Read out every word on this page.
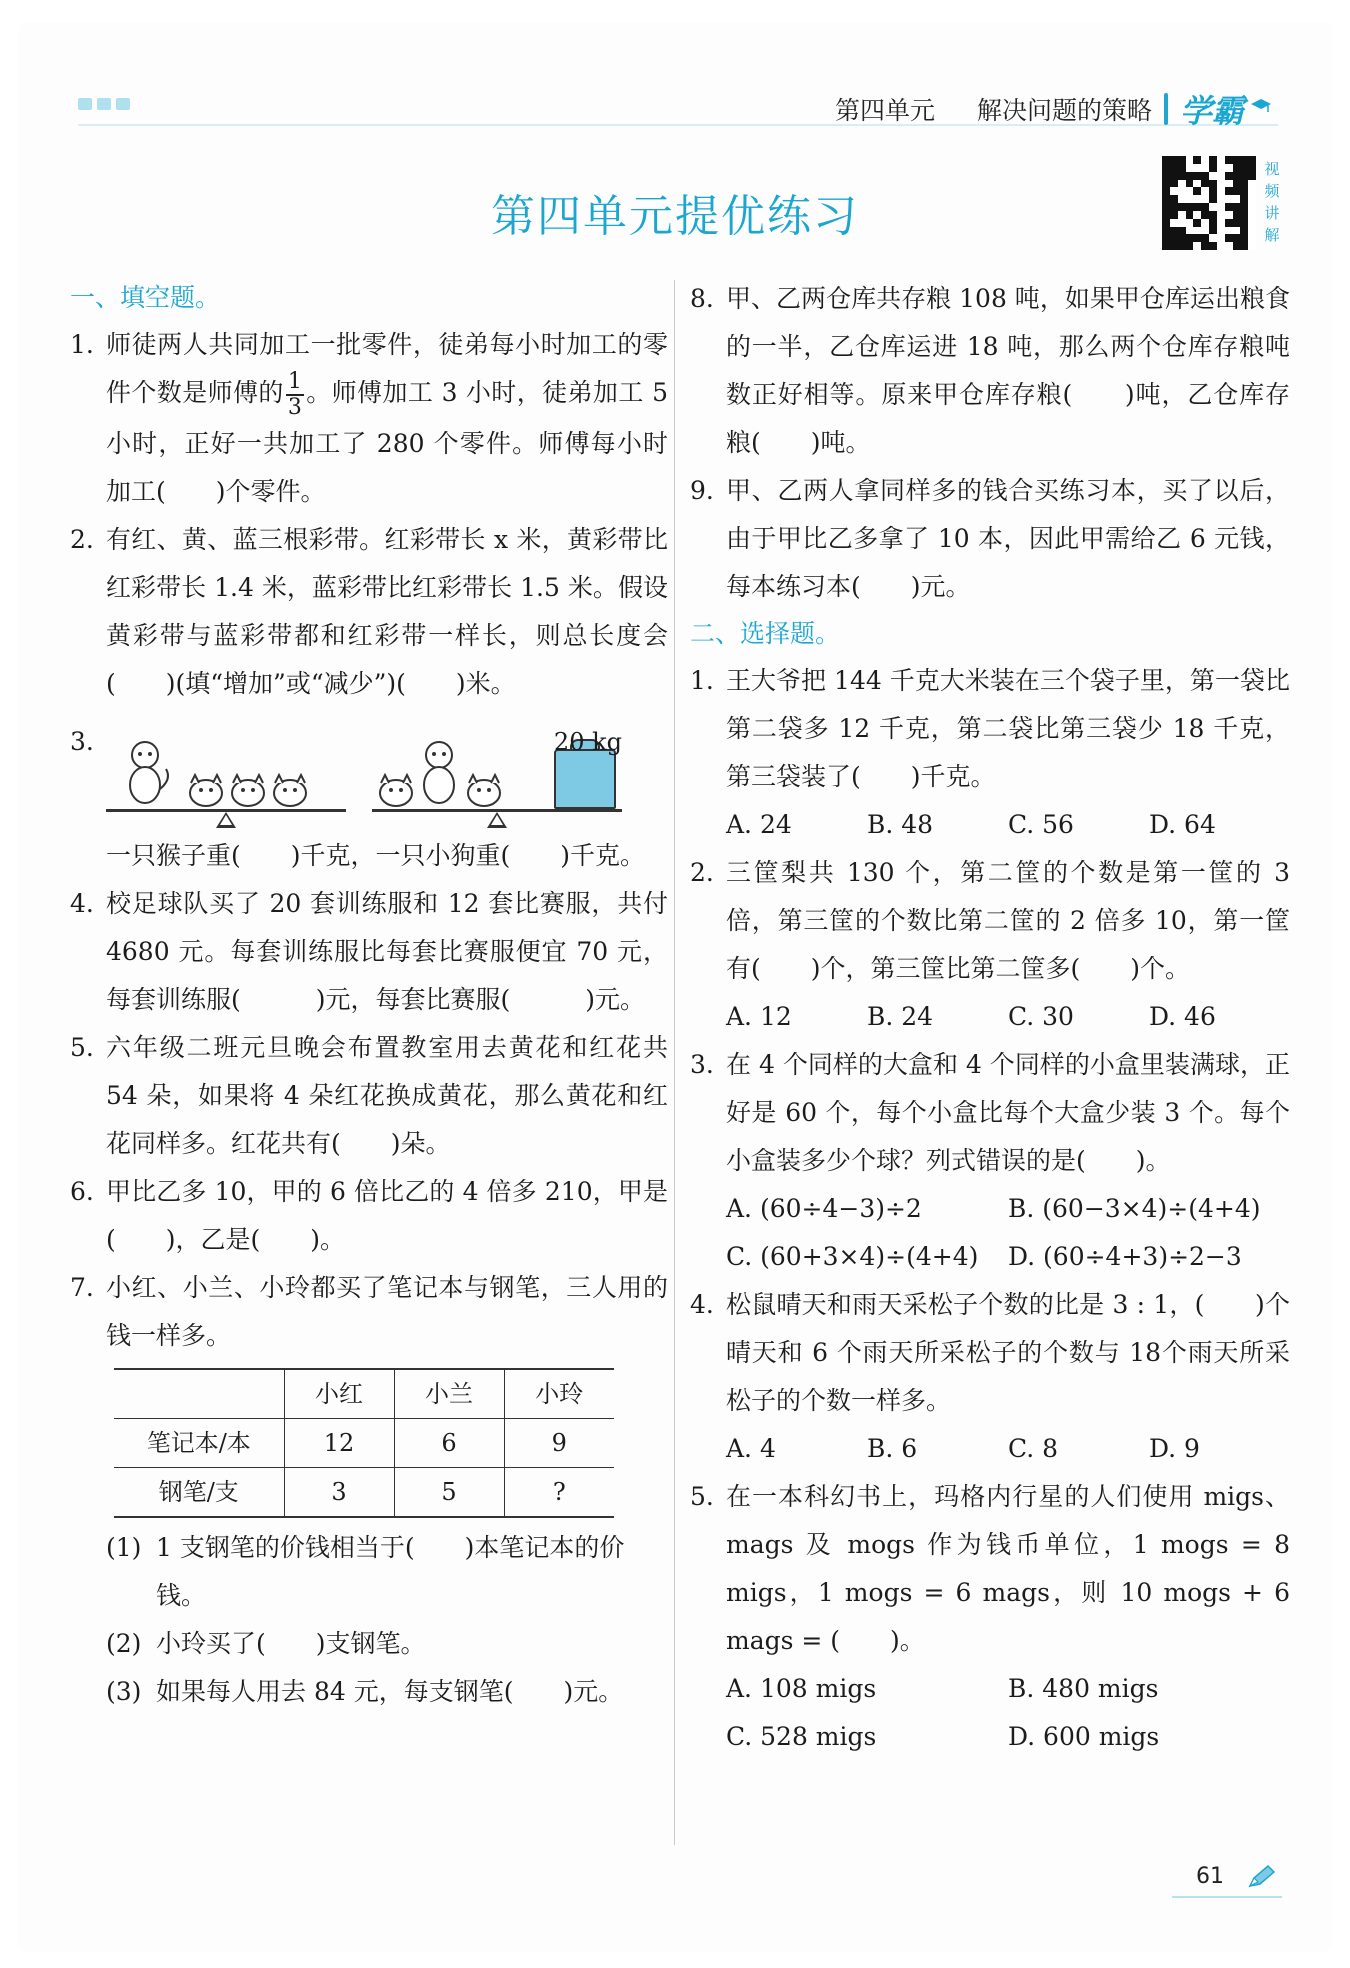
第四单元 解决问题的策略 学霸
第四单元提优练习
视
频
讲
解
一、填空题。
1. 师徒两人共同加工一批零件，徒弟每小时加工的零件个数是师傅的 $\frac{1}{3}$ 。师傅加工 3 小时，徒弟加工 5 小时，正好一共加工了 280 个零件。师傅每小时加工(　　)个零件。
2. 有红、黄、蓝三根彩带。红彩带长 x 米，黄彩带比红彩带长 1.4 米，蓝彩带比红彩带长 1.5 米。假设黄彩带与蓝彩带都和红彩带一样长，则总长度会(　　)(填“增加”或“减少”)(　　)米。
3.	20 kg
一只猴子重(　　)千克，一只小狗重(　　)千克。
4. 校足球队买了 20 套训练服和 12 套比赛服，共付 4680 元。每套训练服比每套比赛服便宜 70 元，每套训练服(　　　)元，每套比赛服(　　　)元。
5. 六年级二班元旦晚会布置教室用去黄花和红花共 54 朵，如果将 4 朵红花换成黄花，那么黄花和红花同样多。红花共有(　　)朵。
6. 甲比乙多 10，甲的 6 倍比乙的 4 倍多 210，甲是(　　)，乙是(　　)。
7. 小红、小兰、小玲都买了笔记本与钢笔，三人用的钱一样多。
	小红	小兰	小玲
笔记本/本	12	6	9
钢笔/支	3	5	?
(1) 1 支钢笔的价钱相当于(　　)本笔记本的价钱。
(2) 小玲买了(　　)支钢笔。
(3) 如果每人用去 84 元，每支钢笔(　　)元。
8. 甲、乙两仓库共存粮 108 吨，如果甲仓库运出粮食的一半，乙仓库运进 18 吨，那么两个仓库存粮吨数正好相等。原来甲仓库存粮(　　)吨，乙仓库存粮(　　)吨。
9. 甲、乙两人拿同样多的钱合买练习本，买了以后，由于甲比乙多拿了 10 本，因此甲需给乙 6 元钱，每本练习本(　　)元。
二、选择题。
1. 王大爷把 144 千克大米装在三个袋子里，第一袋比第二袋多 12 千克，第二袋比第三袋少 18 千克，第三袋装了(　　)千克。
A. 24	B. 48	C. 56	D. 64
2. 三筐梨共 130 个，第二筐的个数是第一筐的 3 倍，第三筐的个数比第二筐的 2 倍多 10，第一筐有(　　)个，第三筐比第二筐多(　　)个。
A. 12	B. 24	C. 30	D. 46
3. 在 4 个同样的大盒和 4 个同样的小盒里装满球，正好是 60 个，每个小盒比每个大盒少装 3 个。每个小盒装多少个球？列式错误的是(　　)。
A. (60÷4−3)÷2	B. (60−3×4)÷(4+4)
C. (60+3×4)÷(4+4)	D. (60÷4+3)÷2−3
4. 松鼠晴天和雨天采松子个数的比是 3 : 1，(　　)个晴天和 6 个雨天所采松子的个数与 18个雨天所采松子的个数一样多。
A. 4	B. 6	C. 8	D. 9
5. 在一本科幻书上，玛格内行星的人们使用 migs、mags 及 mogs 作为钱币单位，1 mogs = 8 migs，1 mogs = 6 mags，则 10 mogs + 6 mags = (　　)。
A. 108 migs	B. 480 migs
C. 528 migs	D. 600 migs
61
